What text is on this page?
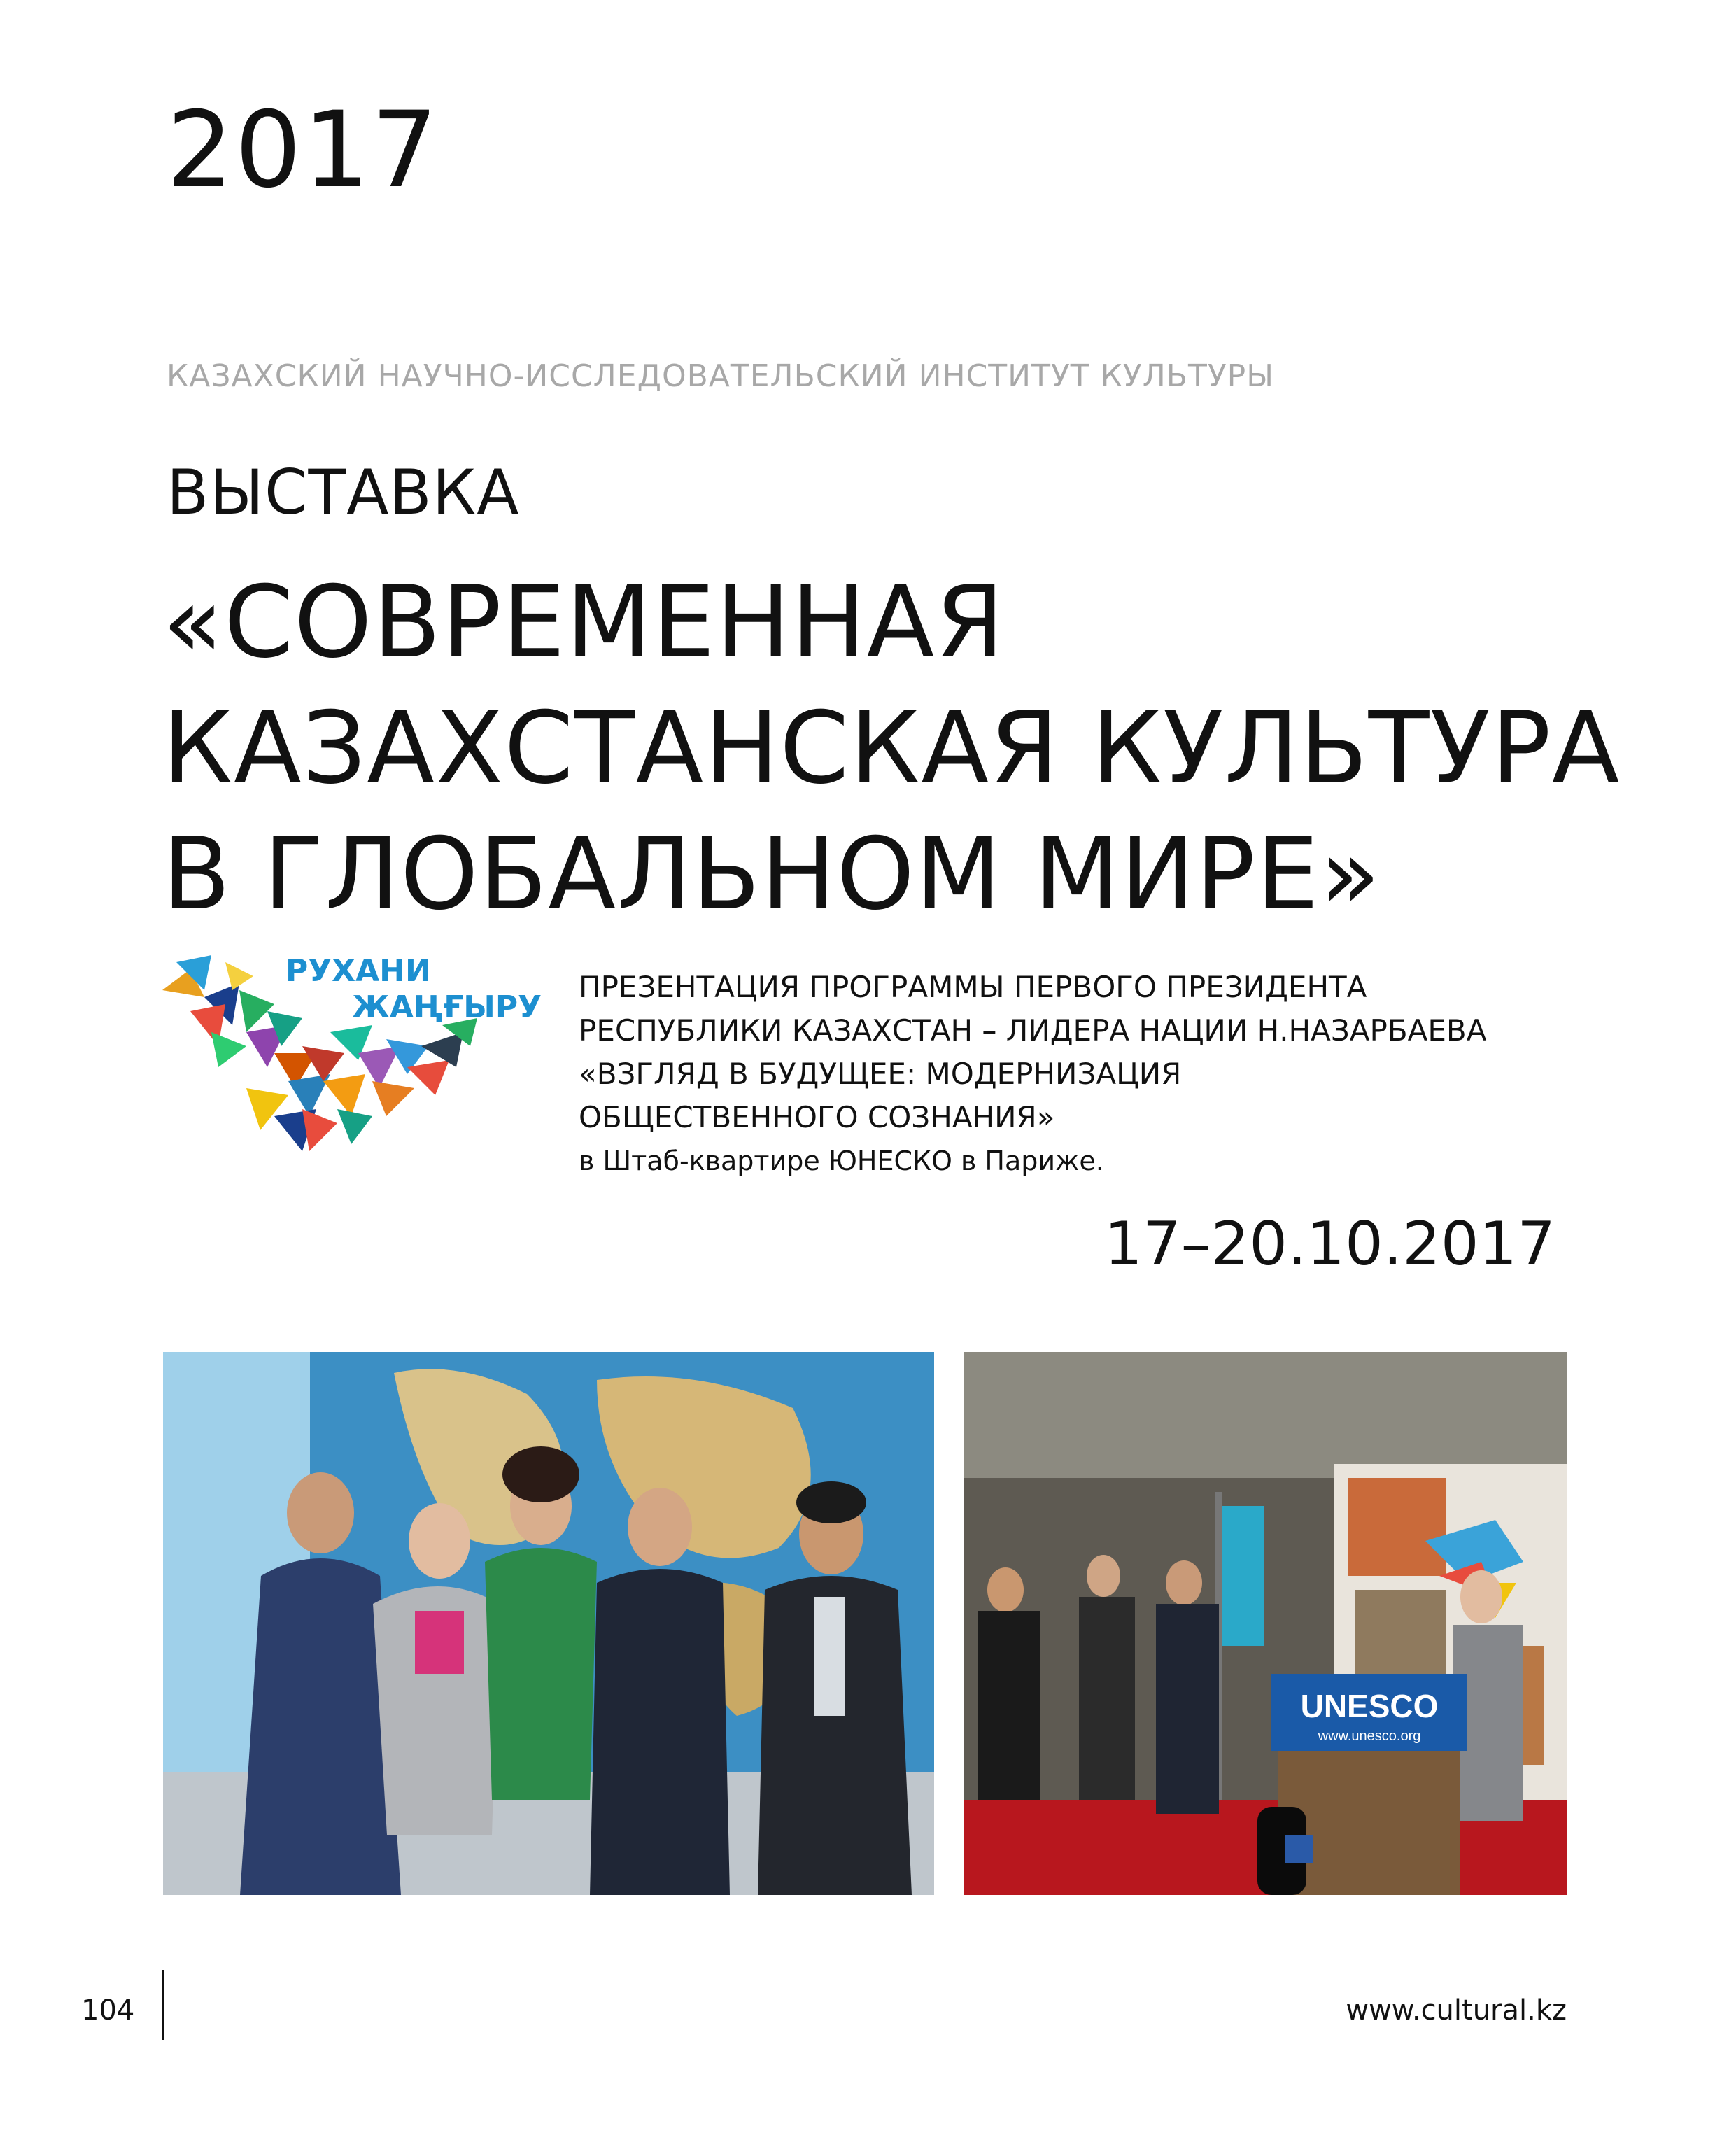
2017
КАЗАХСКИЙ НАУЧНО-ИССЛЕДОВАТЕЛЬСКИЙ ИНСТИТУТ КУЛЬТУРЫ
ВЫСТАВКА
«СОВРЕМЕННАЯ
КАЗАХСТАНСКАЯ КУЛЬТУРА
В ГЛОБАЛЬНОМ МИРЕ»
РУХАНИ
ЖАҢҒЫРУ
ПРЕЗЕНТАЦИЯ ПРОГРАММЫ ПЕРВОГО ПРЕЗИДЕНТА
РЕСПУБЛИКИ КАЗАХСТАН – ЛИДЕРА НАЦИИ Н.НАЗАРБАЕВА
«ВЗГЛЯД В БУДУЩЕЕ: МОДЕРНИЗАЦИЯ
ОБЩЕСТВЕННОГО СОЗНАНИЯ»
в Штаб-квартире ЮНЕСКО в Париже.
17–20.10.2017
UNESCO
www.unesco.org
104	www.cultural.kz
